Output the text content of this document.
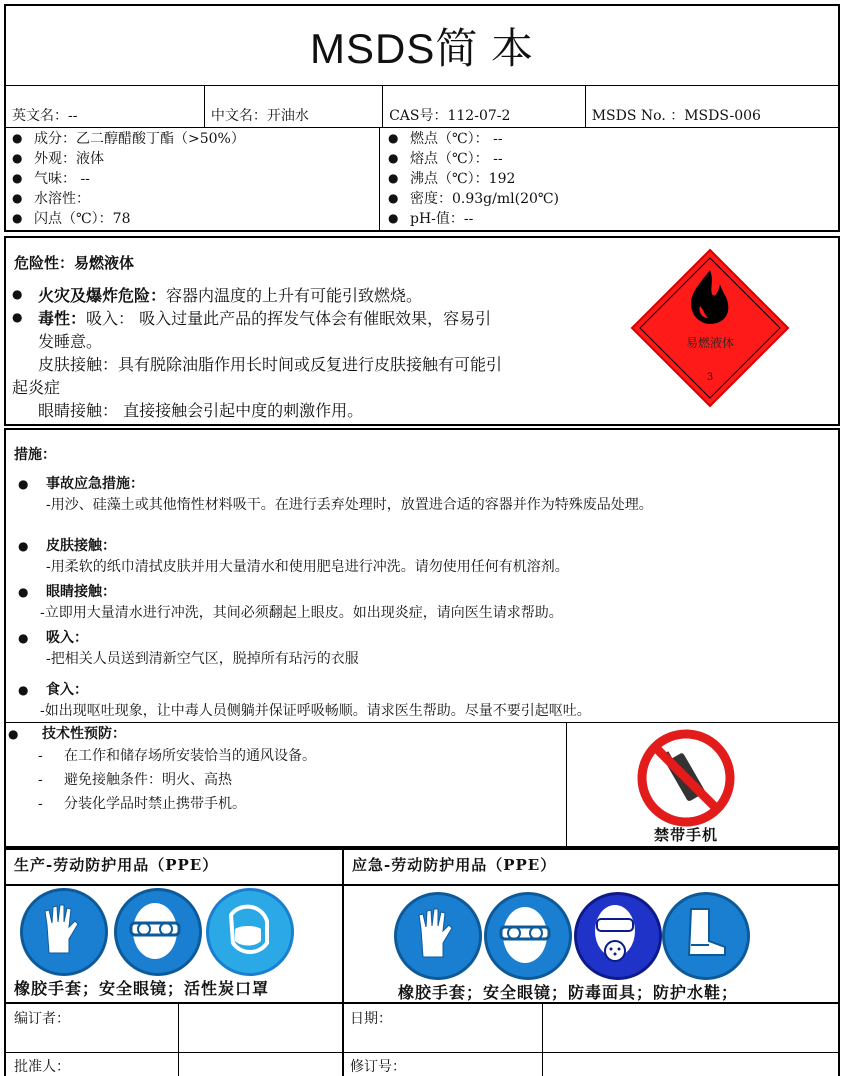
MSDS简 本
英文名：--	中文名：开油水	CAS号：112-07-2	MSDS No. ：MSDS-006
● 成分：乙二醇醋酸丁酯（>50%）
● 外观：液体
● 气味： --
● 水溶性：
● 闪点（℃）：78
● 燃点（℃）： --
● 熔点（℃）： --
● 沸点（℃）：192
● 密度：0.93g/ml(20℃)
● pH-值：--
危险性：易燃液体
● 火灾及爆炸危险：容器内温度的上升有可能引致燃烧。
● 毒性：吸入： 吸入过量此产品的挥发气体会有催眠效果，容易引
发睡意。
皮肤接触：具有脱除油脂作用长时间或反复进行皮肤接触有可能引
起炎症
眼睛接触： 直接接触会引起中度的刺激作用。
易燃液体
3
措施：
●	事故应急措施：
-用沙、硅藻土或其他惰性材料吸干。在进行丢弃处理时，放置进合适的容器并作为特殊废品处理。
●	皮肤接触：
-用柔软的纸巾清拭皮肤并用大量清水和使用肥皂进行冲洗。请勿使用任何有机溶剂。
●	眼睛接触：
-立即用大量清水进行冲洗，其间必须翻起上眼皮。如出现炎症，请向医生请求帮助。
●	吸入：
-把相关人员送到清新空气区，脱掉所有玷污的衣服
●	食入：
-如出现呕吐现象，让中毒人员侧躺并保证呼吸畅顺。请求医生帮助。尽量不要引起呕吐。
●	技术性预防：
-	在工作和储存场所安装恰当的通风设备。
-	避免接触条件：明火、高热
-	分装化学品时禁止携带手机。
禁带手机
生产-劳动防护用品（PPE）	应急-劳动防护用品（PPE）
橡胶手套；安全眼镜；活性炭口罩	橡胶手套；安全眼镜；防毒面具；防护水鞋；
编订者：	日期：
批准人：	修订号：
